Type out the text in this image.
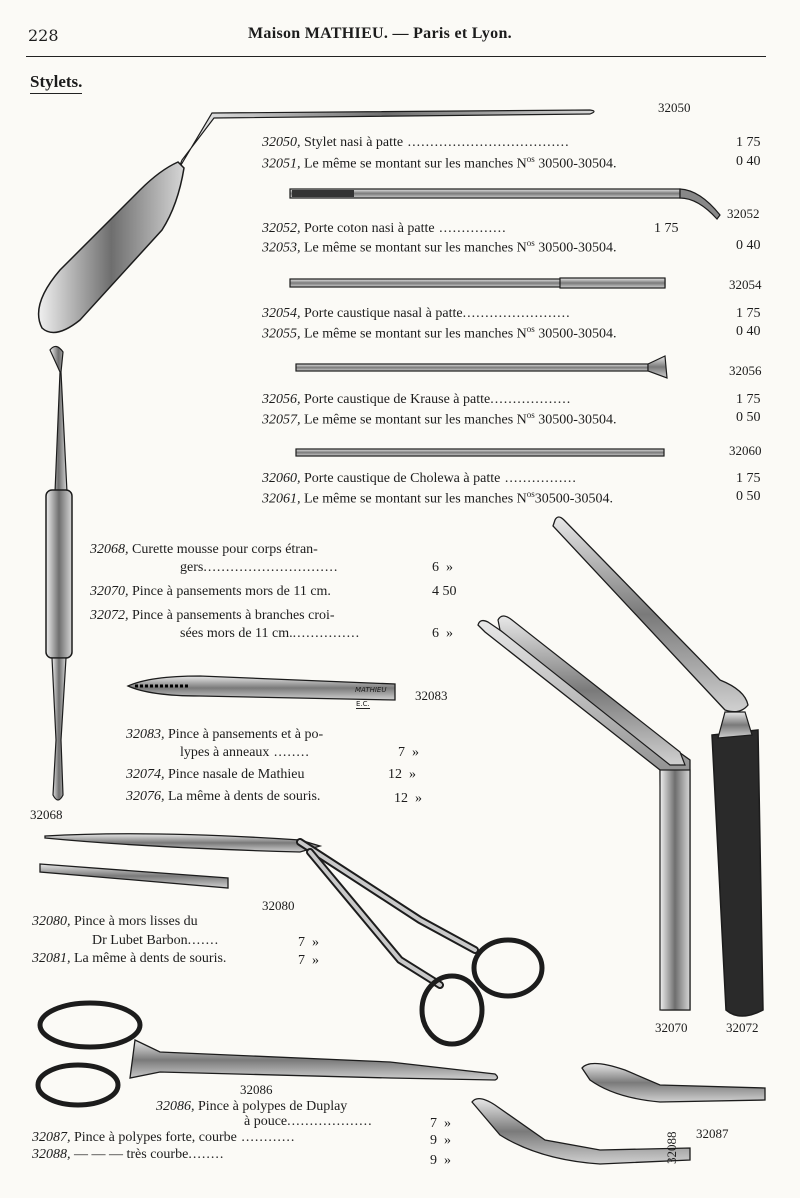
228	Maison MATHIEU. — Paris et Lyon.
Stylets.
MATHIEU
E.C.
32050
32052
32054
32056
32060
32068
32083
32080
32086
32070	32072
32087
32088
32050, Stylet nasi à patte ....................................	1 75
32051, Le même se montant sur les manches $N^{os}$ 30500-30504.	0 40
32052, Porte coton nasi à patte ...............	1 75
32053, Le même se montant sur les manches $N^{os}$ 30500-30504.	0 40
32054, Porte caustique nasal à patte........................	1 75
32055, Le même se montant sur les manches $N^{os}$ 30500-30504.	0 40
32056, Porte caustique de Krause à patte..................	1 75
32057, Le même se montant sur les manches $N^{os}$ 30500-30504.	0 50
32060, Porte caustique de Cholewa à patte ................	1 75
32061, Le même se montant sur les manches $N^{os}30500-30504$.	0 50
32068, Curette mousse pour corps étran-
gers..............................	6  »
32070, Pince à pansements mors de 11 cm.	4 50
32072, Pince à pansements à branches croi-
sées mors de 11 cm................	6  »
32083, Pince à pansements et à po-
lypes à anneaux ........	7  »
32074, Pince nasale de Mathieu	12  »
32076, La même à dents de souris.	12  »
32080, Pince à mors lisses du
Dr Lubet Barbon.......	7  »
32081, La même à dents de souris.	7  »
32086, Pince à polypes de Duplay
à pouce...................	7  »
32087, Pince à polypes forte, courbe ............	9  »
32088, — — — très courbe........	9  »
